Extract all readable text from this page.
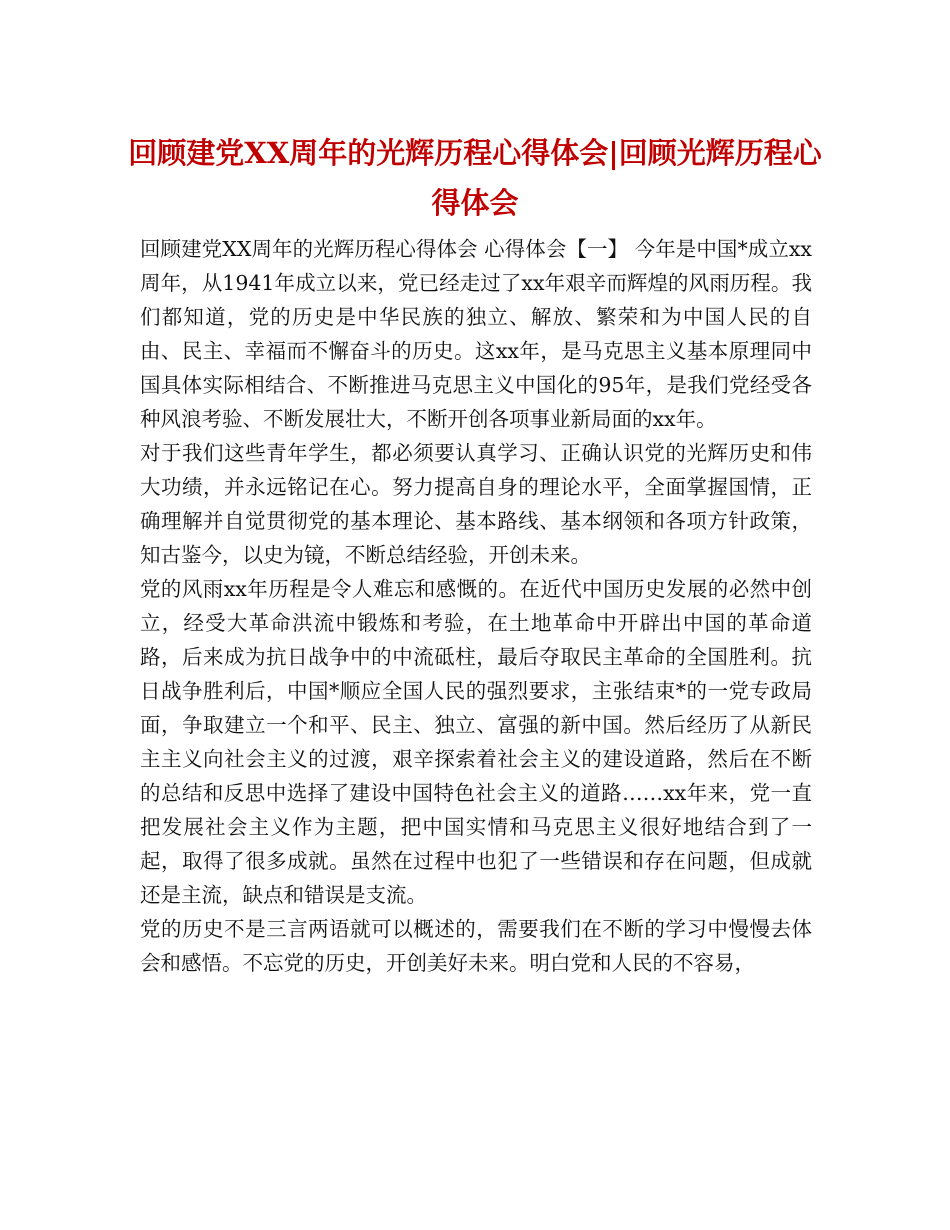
回顾建党XX周年的光辉历程心得体会|回顾光辉历程心得体会

回顾建党XX周年的光辉历程心得体会 心得体会【一】 今年是中国*成立xx周年，从1941年成立以来，党已经走过了xx年艰辛而辉煌的风雨历程。我们都知道，党的历史是中华民族的独立、解放、繁荣和为中国人民的自由、民主、幸福而不懈奋斗的历史。这xx年，是马克思主义基本原理同中国具体实际相结合、不断推进马克思主义中国化的95年，是我们党经受各种风浪考验、不断发展壮大，不断开创各项事业新局面的xx年。

对于我们这些青年学生，都必须要认真学习、正确认识党的光辉历史和伟大功绩，并永远铭记在心。努力提高自身的理论水平，全面掌握国情，正确理解并自觉贯彻党的基本理论、基本路线、基本纲领和各项方针政策，知古鉴今，以史为镜，不断总结经验，开创未来。

党的风雨xx年历程是令人难忘和感慨的。在近代中国历史发展的必然中创立，经受大革命洪流中锻炼和考验，在土地革命中开辟出中国的革命道路，后来成为抗日战争中的中流砥柱，最后夺取民主革命的全国胜利。抗日战争胜利后，中国*顺应全国人民的强烈要求，主张结束*的一党专政局面，争取建立一个和平、民主、独立、富强的新中国。然后经历了从新民主主义向社会主义的过渡，艰辛探索着社会主义的建设道路，然后在不断的总结和反思中选择了建设中国特色社会主义的道路……xx年来，党一直把发展社会主义作为主题，把中国实情和马克思主义很好地结合到了一起，取得了很多成就。虽然在过程中也犯了一些错误和存在问题，但成就还是主流，缺点和错误是支流。

党的历史不是三言两语就可以概述的，需要我们在不断的学习中慢慢去体会和感悟。不忘党的历史，开创美好未来。明白党和人民的不容易，
